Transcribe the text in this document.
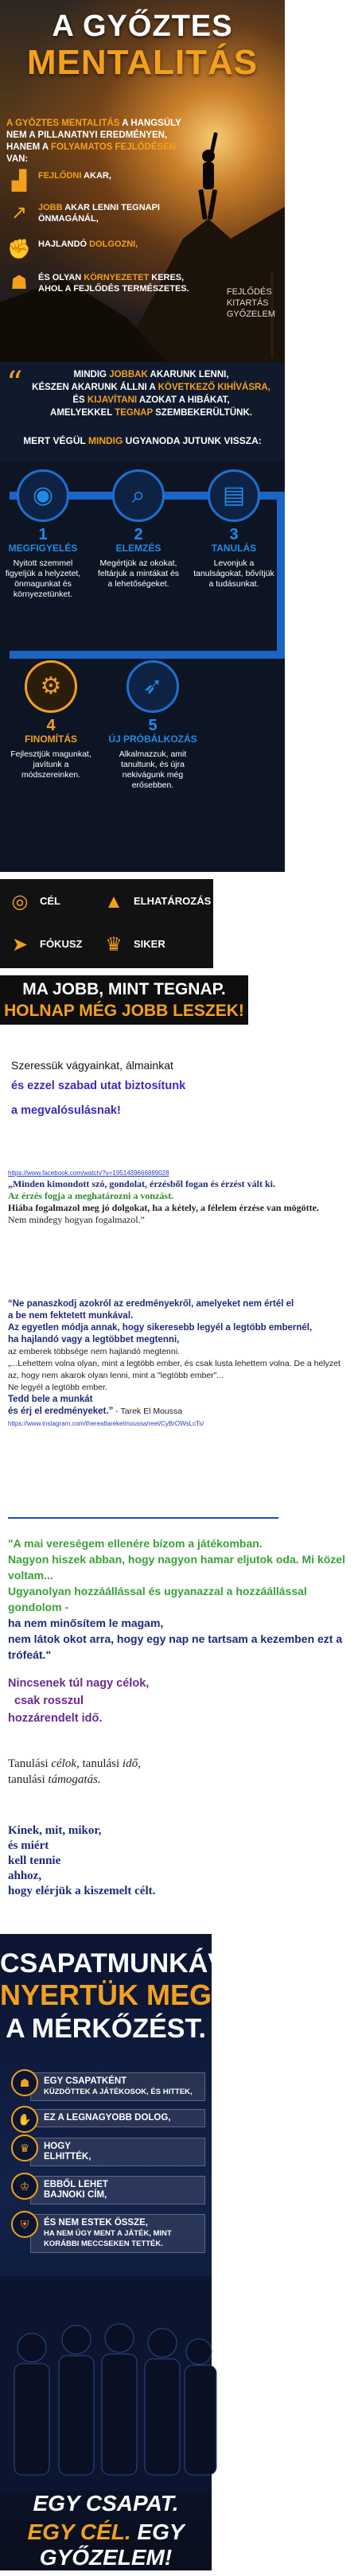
A GYŐZTES
MENTALITÁS
A GYŐZTES MENTALITÁS A HANGSÚLY NEM A PILLANATNYI EREDMÉNYEN, HANEM A FOLYAMATOS FEJLŐDÉSEN VAN:
▟	FEJLŐDNI AKAR,
↗	JOBB AKAR LENNI TEGNAPI ÖNMAGÁNÁL,
✊ HAJLANDÓ DOLGOZNI,
☗	ÉS OLYAN KÖRNYEZETET KERES, AHOL A FEJLŐDÉS TERMÉSZETES.	FEJLŐDÉS
KITARTÁS
GYŐZELEM
“	MINDIG JOBBAK AKARUNK LENNI,
KÉSZEN AKARUNK ÁLLNI A KÖVETKEZŐ KIHÍVÁSRA,
ÉS KIJAVÍTANI AZOKAT A HIBÁKAT,
AMELYEKKEL TEGNAP SZEMBEKERÜLTÜNK.
MERT VÉGÜL MINDIG UGYANODA JUTUNK VISSZA:
◉
1
MEGFIGYELÉS
Nyitott szemmel figyeljük a helyzetet, önmagunkat és környezetünket.
⌕
2
ELEMZÉS
Megértjük az okokat, feltárjuk a mintákat és a lehetőségeket.
▤
3
TANULÁS
Levonjuk a tanulságokat, bővítjük a tudásunkat.
⚙
4
FINOMÍTÁS
Fejlesztjük magunkat, javítunk a módszereinken.
➶
5
ÚJ PRÓBÁLKOZÁS
Alkalmazzuk, amit tanultunk, és újra nekivágunk még erősebben.
◎	CÉL ▲	ELHATÁROZÁS
➤	FÓKUSZ ♛	SIKER
MA JOBB, MINT TEGNAP.
HOLNAP MÉG JOBB LESZEK!
Szeressük vágyainkat, álmainkat
és ezzel szabad utat biztosítunk
a megvalósulásnak!
https://www.facebook.com/watch/?v=1951439666889028
„Minden kimondott szó, gondolat, érzésből fogan és érzést vált ki.
Az érzés fogja a meghatározni a vonzást.
Hiába fogalmazol meg jó dolgokat, ha a kétely, a félelem érzése van mögötte.
Nem mindegy hogyan fogalmazol.”
“Ne panaszkodj azokról az eredményekről, amelyeket nem értél el
a be nem fektetett munkával.
Az egyetlen módja annak, hogy sikeresebb legyél a legtöbb embernél,
ha hajlandó vagy a legtöbbet megtenni,
az emberek többsége nem hajlandó megtenni.
„...Lehettem volna olyan, mint a legtöbb ember, és csak lusta lehettem volna. De a helyzet az, hogy nem akarok olyan lenni, mint a "legtöbb ember"...
Ne legyél a legtöbb ember.
Tedd bele a munkát
és érj el eredményeket.” - Tarek El Moussa
https://www.instagram.com/therealtarekelmoussa/reel/CyBrOWsLcTs/
"A mai vereségem ellenére bízom a játékomban.
Nagyon hiszek abban, hogy nagyon hamar eljutok oda. Mi közel voltam...
Ugyanolyan hozzáállással és ugyanazzal a hozzáállással gondolom -
ha nem minősítem le magam,
nem látok okot arra, hogy egy nap ne tartsam a kezemben ezt a trófeát."
Nincsenek túl nagy célok,
csak rosszul
hozzárendelt idő.
Tanulási célok, tanulási idő,
tanulási támogatás.
Kinek, mit, mikor,
és miért
kell tennie
ahhoz,
hogy elérjük a kiszemelt célt.
CSAPATMUNKÁVAL
NYERTÜK MEG
A MÉRKŐZÉST.
EGY CSAPATKÉNT
KÜZDÖTTEK A JÁTÉKOSOK, ÉS HITTEK,
☗
EZ A LEGNAGYOBB DOLOG,
✋
HOGY
ELHITTÉK,
♛
EBBŐL LEHET
BAJNOKI CÍM,
♔
ÉS NEM ESTEK ÖSSZE,
HA NEM ÚGY MENT A JÁTÉK, MINT KORÁBBI MECCSEKEN TETTÉK.
⛨
EGY CSAPAT.
EGY CÉL. EGY GYŐZELEM!
